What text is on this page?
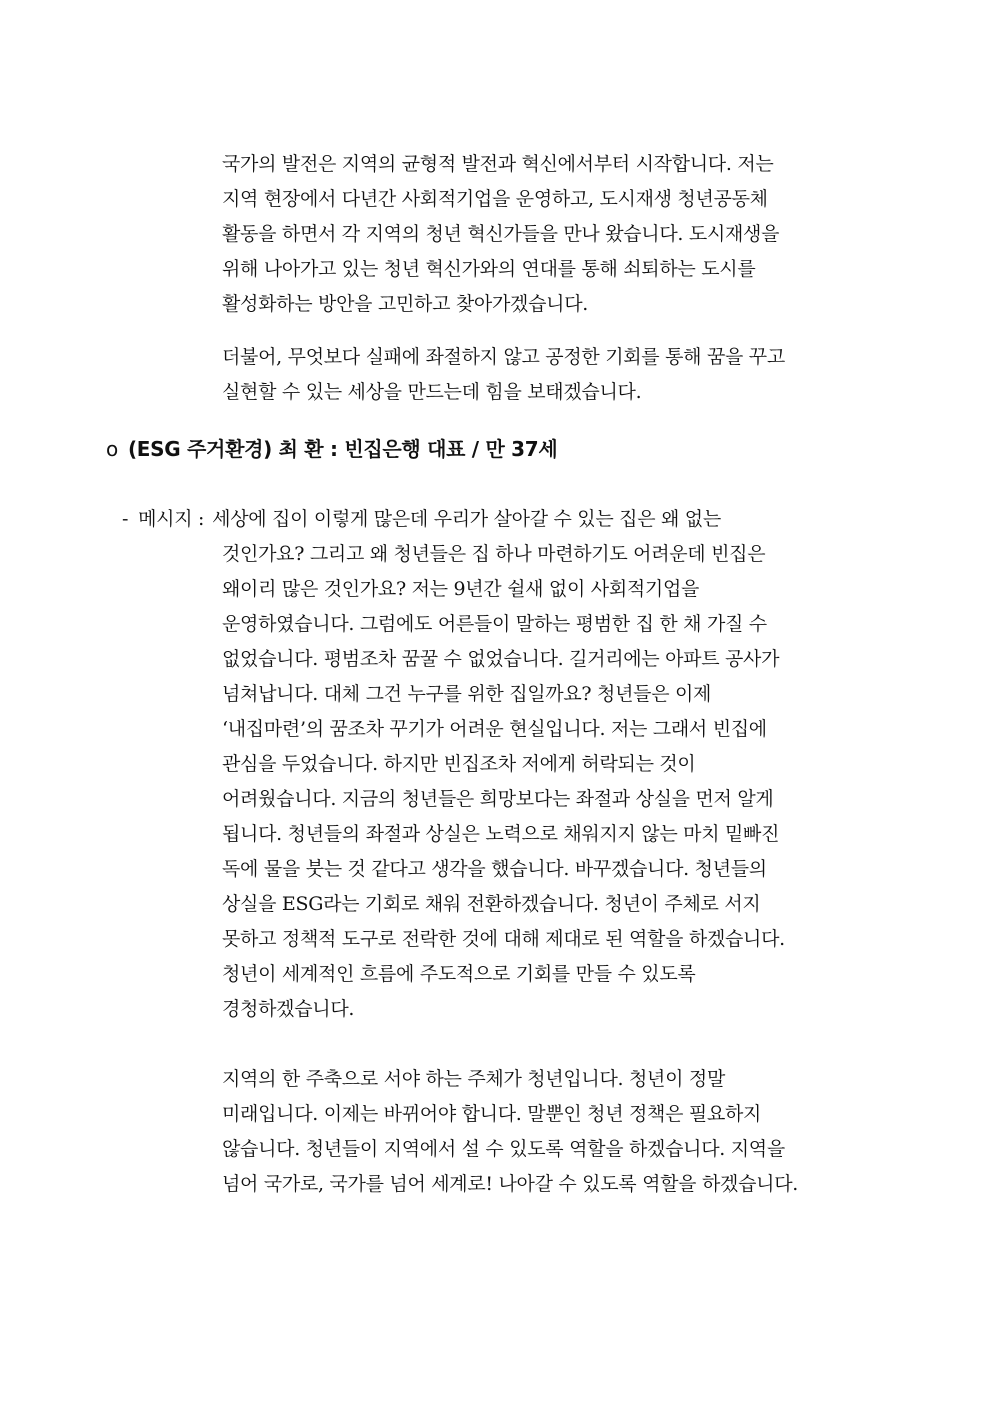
국가의 발전은 지역의 균형적 발전과 혁신에서부터 시작합니다. 저는
지역 현장에서 다년간 사회적기업을 운영하고, 도시재생 청년공동체
활동을 하면서 각 지역의 청년 혁신가들을 만나 왔습니다. 도시재생을
위해 나아가고 있는 청년 혁신가와의 연대를 통해 쇠퇴하는 도시를
활성화하는 방안을 고민하고 찾아가겠습니다.
더불어, 무엇보다 실패에 좌절하지 않고 공정한 기회를 통해 꿈을 꾸고
실현할 수 있는 세상을 만드는데 힘을 보태겠습니다.
o (ESG 주거환경) 최 환 : 빈집은행 대표 / 만 37세
- 메시지 : 세상에 집이 이렇게 많은데 우리가 살아갈 수 있는 집은 왜 없는
것인가요? 그리고 왜 청년들은 집 하나 마련하기도 어려운데 빈집은
왜이리 많은 것인가요? 저는 9년간 쉴새 없이 사회적기업을
운영하였습니다. 그럼에도 어른들이 말하는 평범한 집 한 채 가질 수
없었습니다. 평범조차 꿈꿀 수 없었습니다. 길거리에는 아파트 공사가
넘쳐납니다. 대체 그건 누구를 위한 집일까요? 청년들은 이제
‘내집마련’의 꿈조차 꾸기가 어려운 현실입니다. 저는 그래서 빈집에
관심을 두었습니다. 하지만 빈집조차 저에게 허락되는 것이
어려웠습니다. 지금의 청년들은 희망보다는 좌절과 상실을 먼저 알게
됩니다. 청년들의 좌절과 상실은 노력으로 채워지지 않는 마치 밑빠진
독에 물을 붓는 것 같다고 생각을 했습니다. 바꾸겠습니다. 청년들의
상실을 ESG라는 기회로 채워 전환하겠습니다. 청년이 주체로 서지
못하고 정책적 도구로 전락한 것에 대해 제대로 된 역할을 하겠습니다.
청년이 세계적인 흐름에 주도적으로 기회를 만들 수 있도록
경청하겠습니다.
지역의 한 주축으로 서야 하는 주체가 청년입니다. 청년이 정말
미래입니다. 이제는 바뀌어야 합니다. 말뿐인 청년 정책은 필요하지
않습니다. 청년들이 지역에서 설 수 있도록 역할을 하겠습니다. 지역을
넘어 국가로, 국가를 넘어 세계로! 나아갈 수 있도록 역할을 하겠습니다.
